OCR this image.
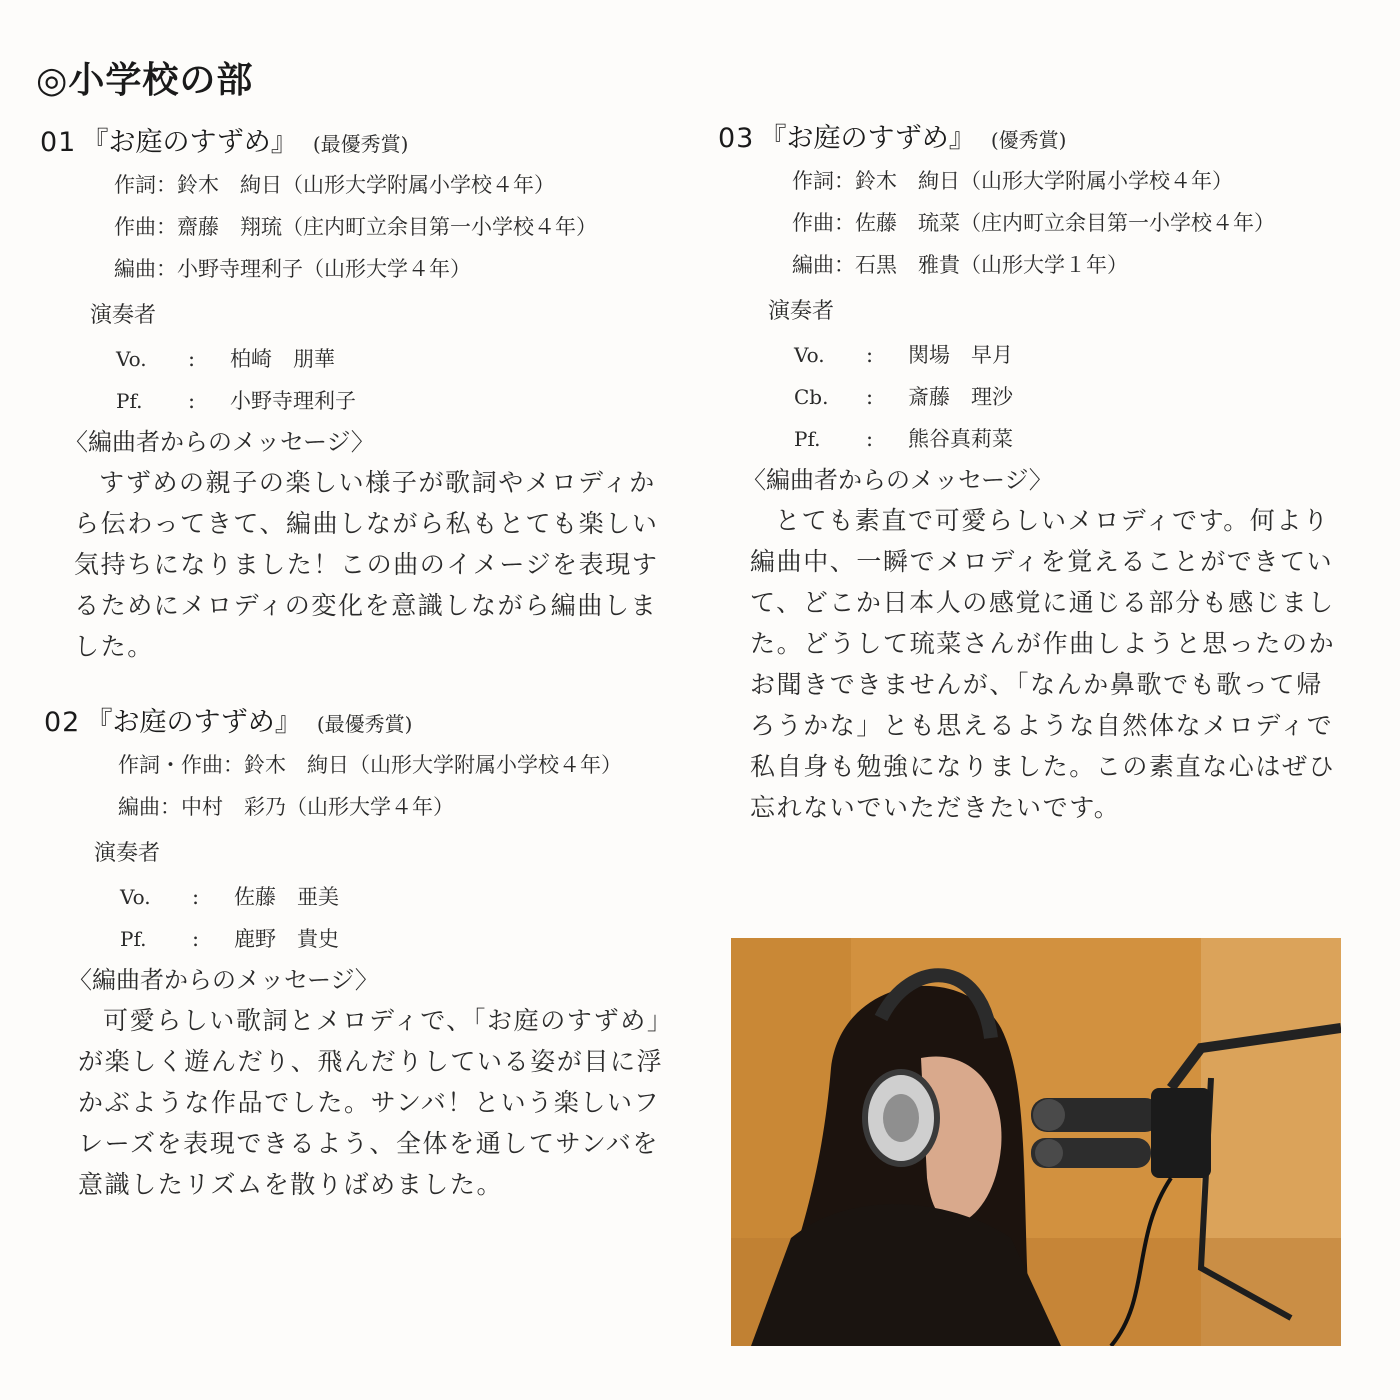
◎小学校の部
01 『お庭のすずめ』 (最優秀賞)
作詞：鈴木　絢日（山形大学附属小学校４年）
作曲：齋藤　翔琉（庄内町立余目第一小学校４年）
編曲：小野寺理利子（山形大学４年）
演奏者
Vo. : 柏崎　朋華
Pf. : 小野寺理利子
〈編曲者からのメッセージ〉
すずめの親子の楽しい様子が歌詞やメロディから伝わってきて、編曲しながら私もとても楽しい気持ちになりました！この曲のイメージを表現するためにメロディの変化を意識しながら編曲しました。
02 『お庭のすずめ』 (最優秀賞)
作詞・作曲：鈴木　絢日（山形大学附属小学校４年）
編曲：中村　彩乃（山形大学４年）
演奏者
Vo. : 佐藤　亜美
Pf. : 鹿野　貴史
〈編曲者からのメッセージ〉
可愛らしい歌詞とメロディで、「お庭のすずめ」が楽しく遊んだり、飛んだりしている姿が目に浮かぶような作品でした。サンバ！という楽しいフレーズを表現できるよう、全体を通してサンバを意識したリズムを散りばめました。
03 『お庭のすずめ』 (優秀賞)
作詞：鈴木　絢日（山形大学附属小学校４年）
作曲：佐藤　琉菜（庄内町立余目第一小学校４年）
編曲：石黒　雅貴（山形大学１年）
演奏者
Vo. : 関場　早月
Cb. : 斎藤　理沙
Pf. : 熊谷真莉菜
〈編曲者からのメッセージ〉
とても素直で可愛らしいメロディです。何より編曲中、一瞬でメロディを覚えることができていて、どこか日本人の感覚に通じる部分も感じました。どうして琉菜さんが作曲しようと思ったのかお聞きできませんが、「なんか鼻歌でも歌って帰ろうかな」とも思えるような自然体なメロディで私自身も勉強になりました。この素直な心はぜひ忘れないでいただきたいです。
